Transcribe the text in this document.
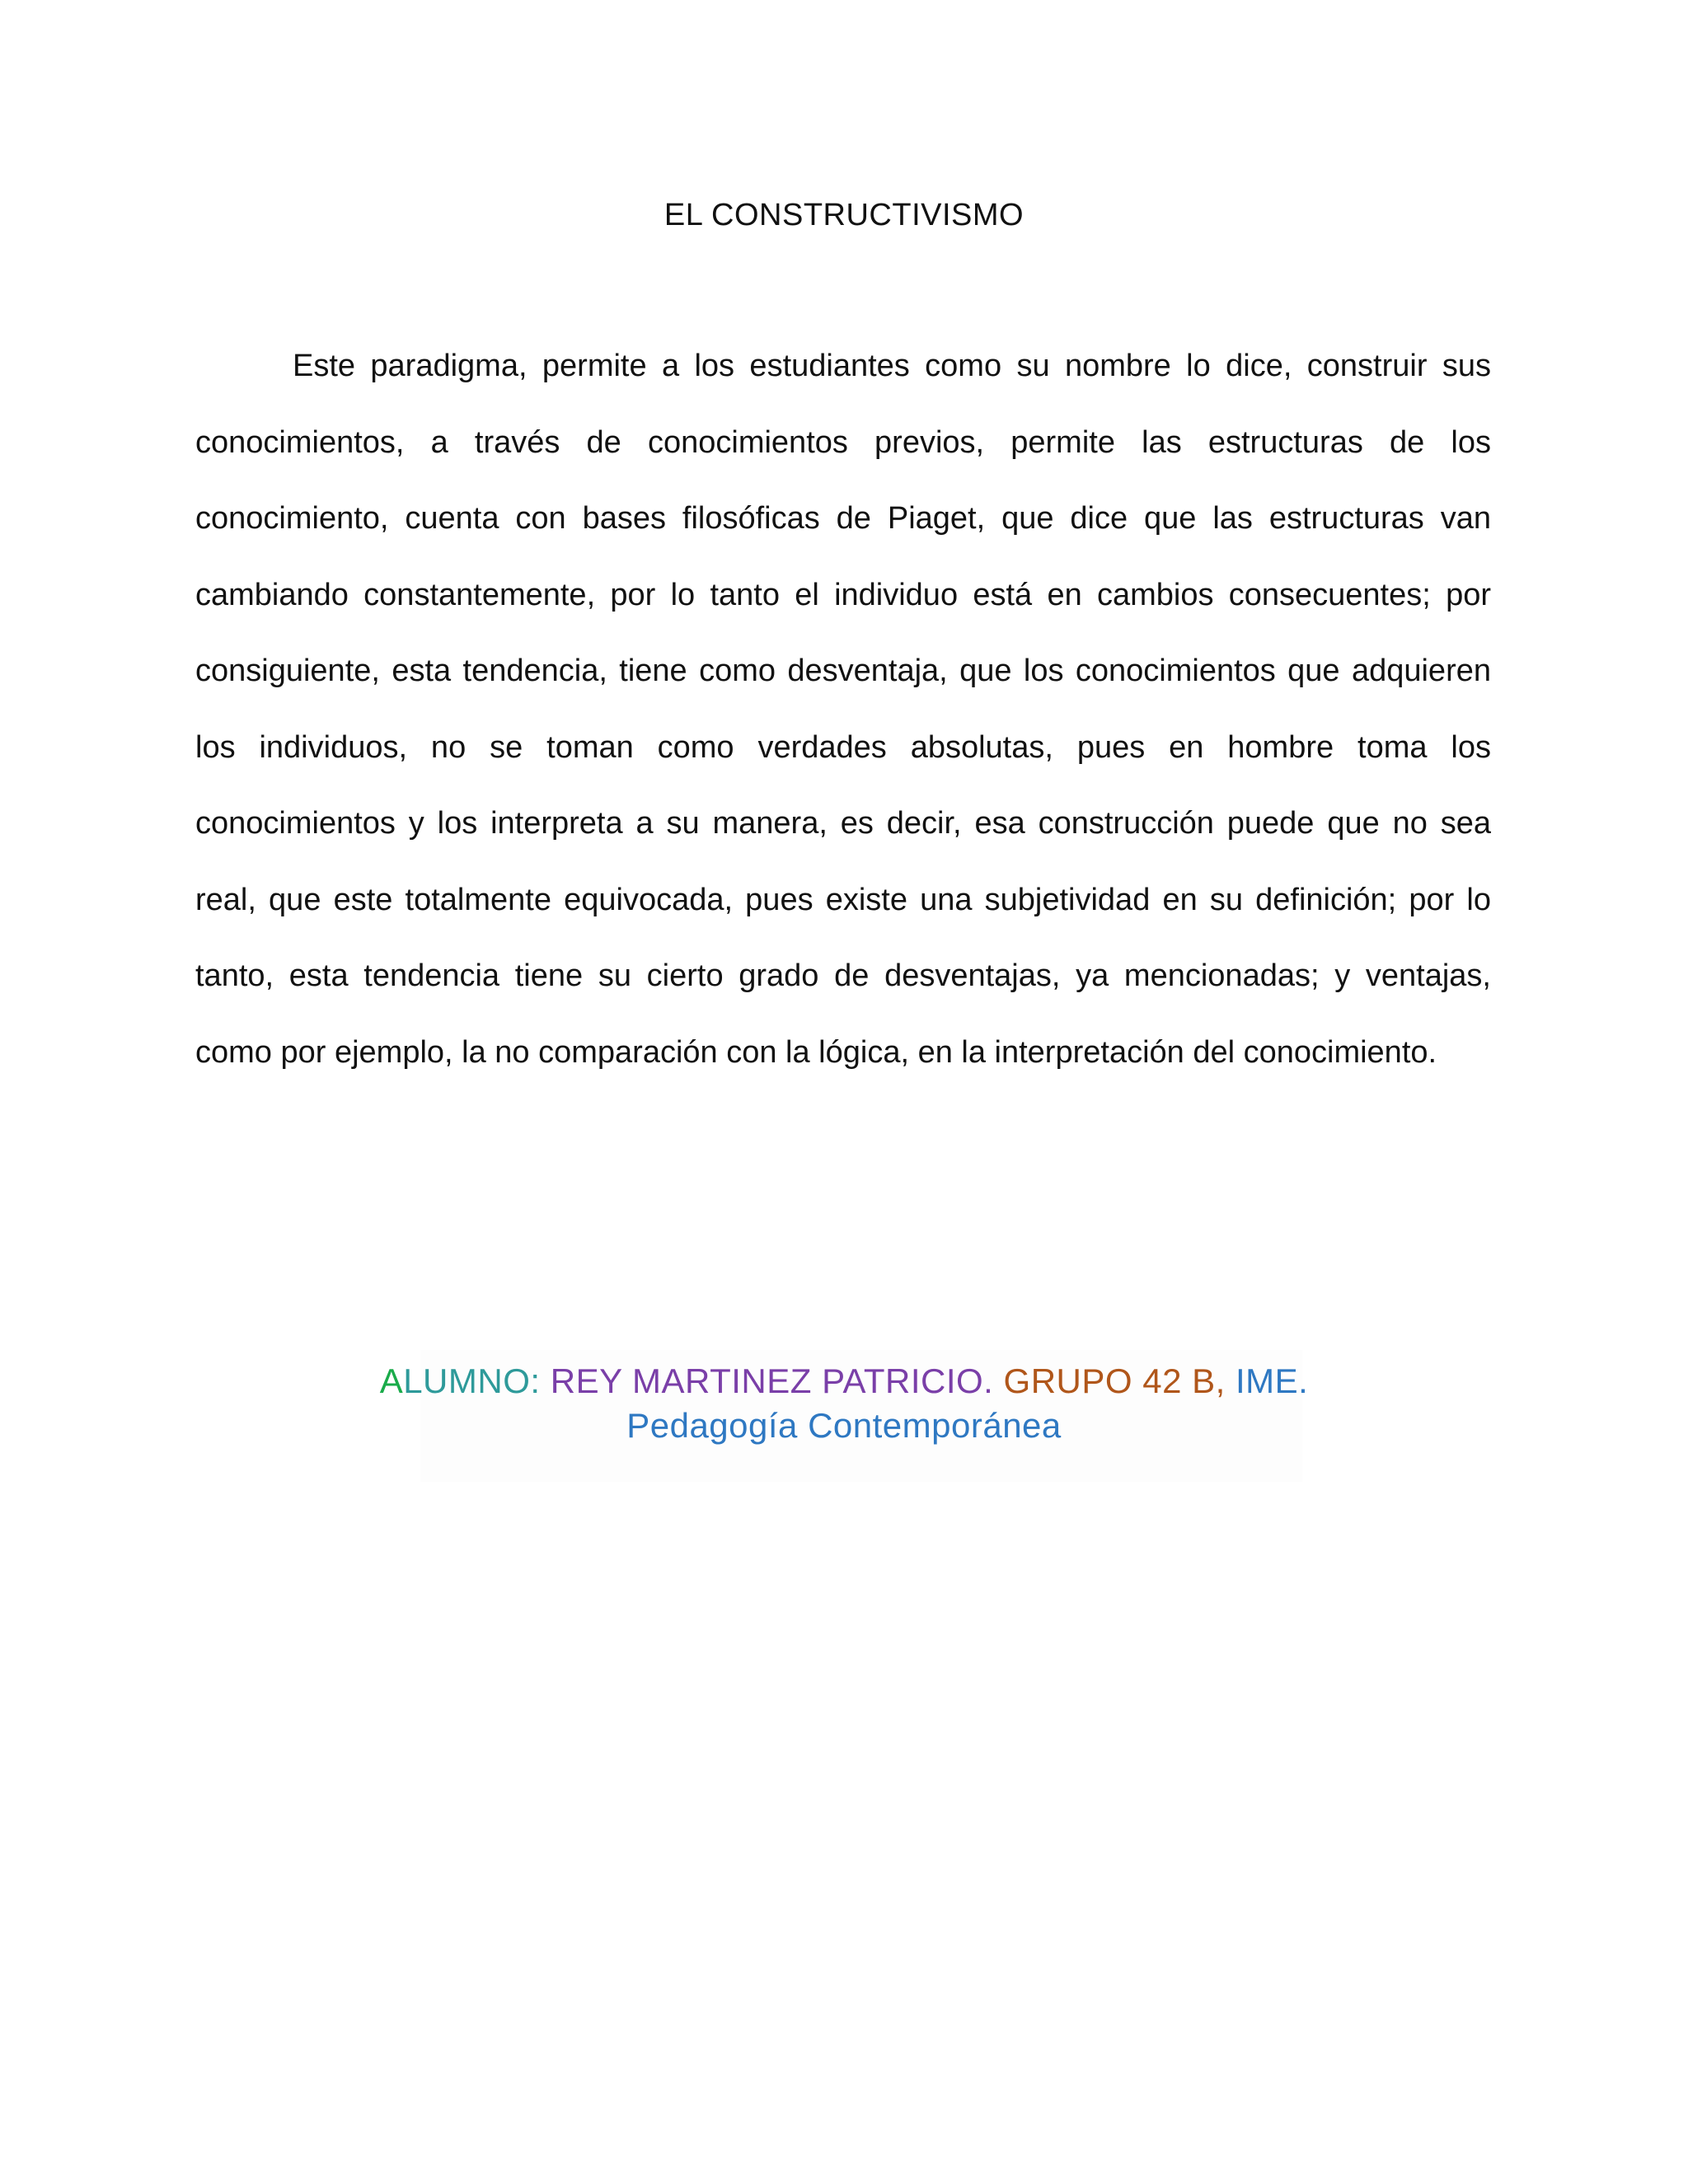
EL CONSTRUCTIVISMO

Este paradigma, permite a los estudiantes como su nombre lo dice, construir sus conocimientos, a través de conocimientos previos, permite las estructuras de los conocimiento, cuenta con bases filosóficas de Piaget, que dice que las estructuras van cambiando constantemente, por lo tanto el individuo está en cambios consecuentes; por consiguiente, esta tendencia, tiene como desventaja, que los conocimientos que adquieren los individuos, no se toman como verdades absolutas, pues en hombre toma los conocimientos y los interpreta a su manera, es decir, esa construcción puede que no sea real, que este totalmente equivocada, pues existe una subjetividad en su definición; por lo tanto, esta tendencia tiene su cierto grado de desventajas, ya mencionadas; y ventajas, como por ejemplo, la no comparación con la lógica, en la interpretación del conocimiento.

ALUMNO: REY MARTINEZ PATRICIO. GRUPO 42 B, IME.
Pedagogía Contemporánea
